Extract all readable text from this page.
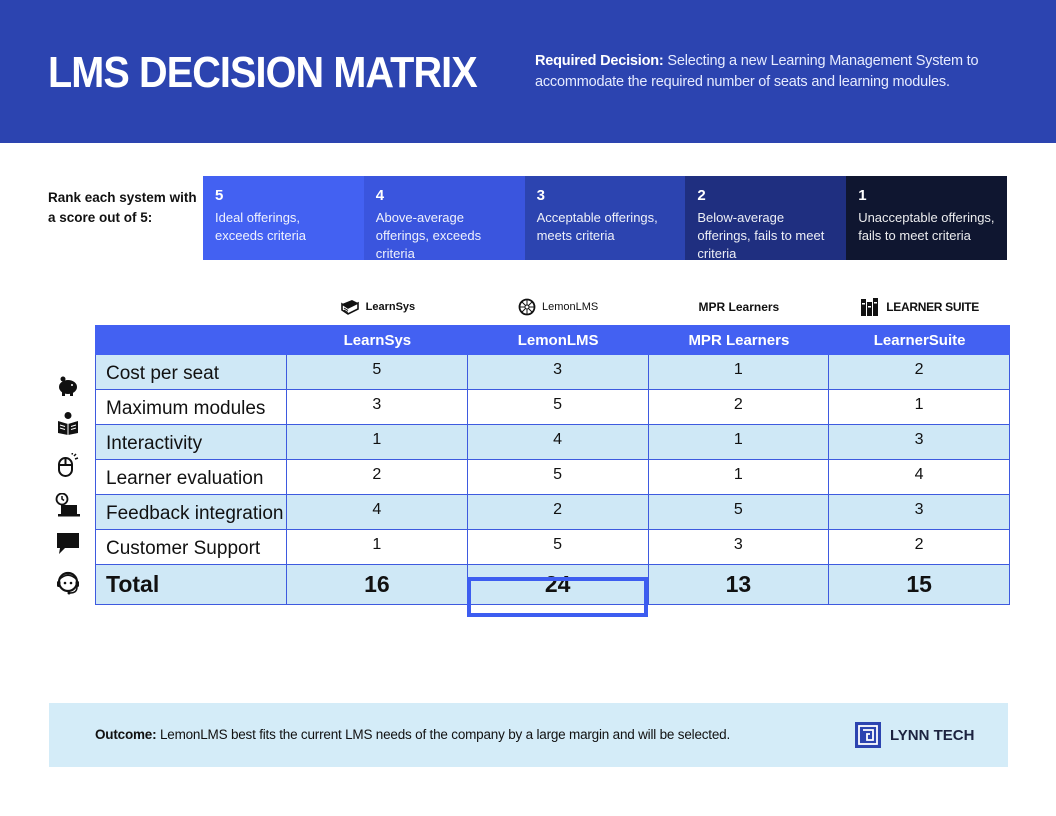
LMS DECISION MATRIX	Required Decision: Selecting a new Learning Management System to accommodate the required number of seats and learning modules.
Rank each system with a score out of 5:
5
Ideal offerings, exceeds criteria
4
Above-average offerings, exceeds criteria
3
Acceptable offerings, meets criteria
2
Below-average offerings, fails to meet criteria
1
Unacceptable offerings, fails to meet criteria
LearnSys	LemonLMS	MPR Learners	LEARNER SUITE
LearnSys	LemonLMS	MPR Learners	LearnerSuite
Cost per seat	5	3	1	2
Maximum modules	3	5	2	1
Interactivity	1	4	1	3
Learner evaluation	2	5	1	4
Feedback integration	4	2	5	3
Customer Support	1	5	3	2
Total	16	24	13	15
Outcome: LemonLMS best fits the current LMS needs of the company by a large margin and will be selected.	LYNN TECH
